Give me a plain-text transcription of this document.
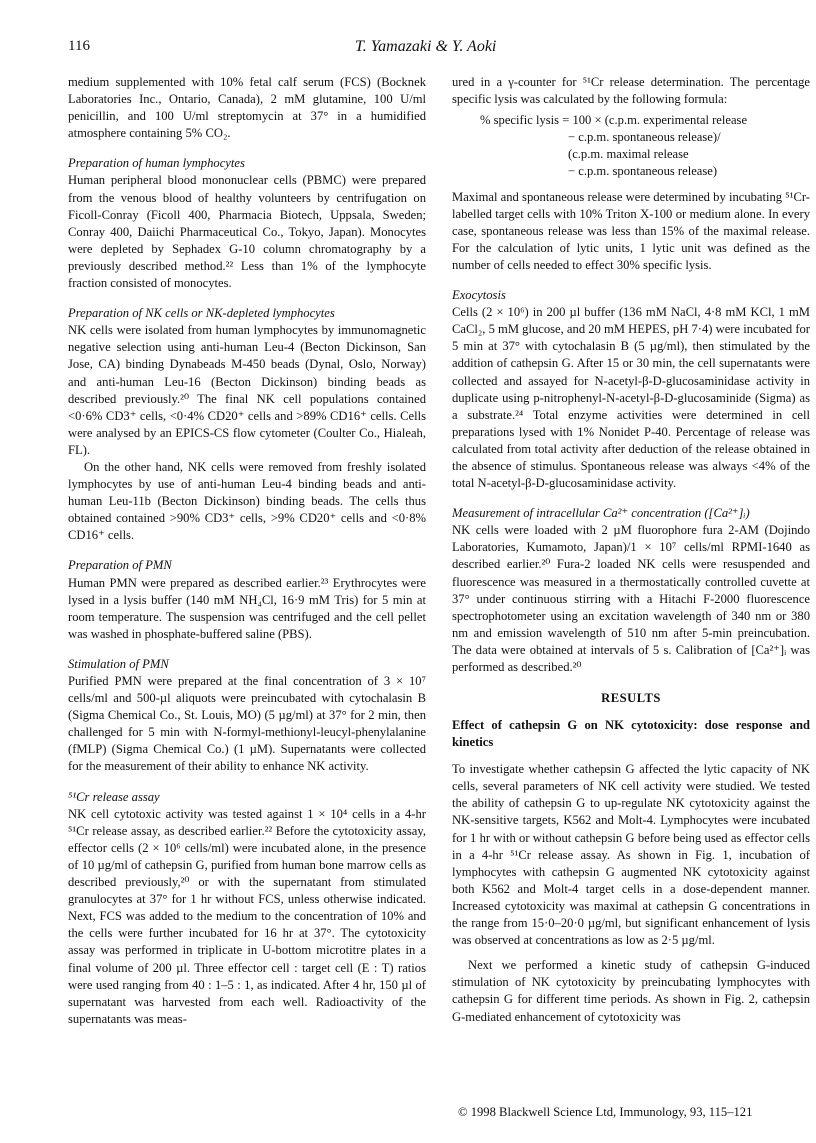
116	T. Yamazaki & Y. Aoki

medium supplemented with 10% fetal calf serum (FCS) (Bocknek Laboratories Inc., Ontario, Canada), 2 mM glutamine, 100 U/ml penicillin, and 100 U/ml streptomycin at 37° in a humidified atmosphere containing 5% CO₂.

Preparation of human lymphocytes

Human peripheral blood mononuclear cells (PBMC) were prepared from the venous blood of healthy volunteers by centrifugation on Ficoll-Conray (Ficoll 400, Pharmacia Biotech, Uppsala, Sweden; Conray 400, Daiichi Pharmaceutical Co., Tokyo, Japan). Monocytes were depleted by Sephadex G-10 column chromatography by a previously described method.²² Less than 1% of the lymphocyte fraction consisted of monocytes.

Preparation of NK cells or NK-depleted lymphocytes

NK cells were isolated from human lymphocytes by immunomagnetic negative selection using anti-human Leu-4 (Becton Dickinson, San Jose, CA) binding Dynabeads M-450 beads (Dynal, Oslo, Norway) and anti-human Leu-16 (Becton Dickinson) binding beads as described previously.²⁰ The final NK cell populations contained <0·6% CD3⁺ cells, <0·4% CD20⁺ cells and >89% CD16⁺ cells. Cells were analysed by an EPICS-CS flow cytometer (Coulter Co., Hialeah, FL).

On the other hand, NK cells were removed from freshly isolated lymphocytes by use of anti-human Leu-4 binding beads and anti-human Leu-11b (Becton Dickinson) binding beads. The cells thus obtained contained >90% CD3⁺ cells, >9% CD20⁺ cells and <0·8% CD16⁺ cells.

Preparation of PMN

Human PMN were prepared as described earlier.²³ Erythrocytes were lysed in a lysis buffer (140 mM NH₄Cl, 16·9 mM Tris) for 5 min at room temperature. The suspension was centrifuged and the cell pellet was washed in phosphate-buffered saline (PBS).

Stimulation of PMN

Purified PMN were prepared at the final concentration of 3 × 10⁷ cells/ml and 500-µl aliquots were preincubated with cytochalasin B (Sigma Chemical Co., St. Louis, MO) (5 µg/ml) at 37° for 2 min, then challenged for 5 min with N-formyl-methionyl-leucyl-phenylalanine (fMLP) (Sigma Chemical Co.) (1 µM). Supernatants were collected for the measurement of their ability to enhance NK activity.

⁵¹Cr release assay

NK cell cytotoxic activity was tested against 1 × 10⁴ cells in a 4-hr ⁵¹Cr release assay, as described earlier.²² Before the cytotoxicity assay, effector cells (2 × 10⁶ cells/ml) were incubated alone, in the presence of 10 µg/ml of cathepsin G, purified from human bone marrow cells as described previously,²⁰ or with the supernatant from stimulated granulocytes at 37° for 1 hr without FCS, unless otherwise indicated. Next, FCS was added to the medium to the concentration of 10% and the cells were further incubated for 16 hr at 37°. The cytotoxicity assay was performed in triplicate in U-bottom microtitre plates in a final volume of 200 µl. Three effector cell : target cell (E : T) ratios were used ranging from 40 : 1–5 : 1, as indicated. After 4 hr, 150 µl of supernatant was harvested from each well. Radioactivity of the supernatants was meas-

ured in a γ-counter for ⁵¹Cr release determination. The percentage specific lysis was calculated by the following formula:

% specific lysis = 100 × (c.p.m. experimental release
− c.p.m. spontaneous release)/
(c.p.m. maximal release
− c.p.m. spontaneous release)

Maximal and spontaneous release were determined by incubating ⁵¹Cr-labelled target cells with 10% Triton X-100 or medium alone. In every case, spontaneous release was less than 15% of the maximal release. For the calculation of lytic units, 1 lytic unit was defined as the number of cells needed to effect 30% specific lysis.

Exocytosis

Cells (2 × 10⁶) in 200 µl buffer (136 mM NaCl, 4·8 mM KCl, 1 mM CaCl₂, 5 mM glucose, and 20 mM HEPES, pH 7·4) were incubated for 5 min at 37° with cytochalasin B (5 µg/ml), then stimulated by the addition of cathepsin G. After 15 or 30 min, the cell supernatants were collected and assayed for N-acetyl-β-D-glucosaminidase activity in duplicate using p-nitrophenyl-N-acetyl-β-D-glucosaminide (Sigma) as a substrate.²⁴ Total enzyme activities were determined in cell preparations lysed with 1% Nonidet P-40. Percentage of release was calculated from total activity after deduction of the release obtained in the absence of stimulus. Spontaneous release was always <4% of the total N-acetyl-β-D-glucosaminidase activity.

Measurement of intracellular Ca²⁺ concentration ([Ca²⁺]ᵢ)

NK cells were loaded with 2 µM fluorophore fura 2-AM (Dojindo Laboratories, Kumamoto, Japan)/1 × 10⁷ cells/ml RPMI-1640 as described earlier.²⁰ Fura-2 loaded NK cells were resuspended and fluorescence was measured in a thermostatically controlled cuvette at 37° under continuous stirring with a Hitachi F-2000 fluorescence spectrophotometer using an excitation wavelength of 340 nm or 380 nm and emission wavelength of 510 nm after 5-min preincubation. The data were obtained at intervals of 5 s. Calibration of [Ca²⁺]ᵢ was performed as described.²⁰

RESULTS

Effect of cathepsin G on NK cytotoxicity: dose response and kinetics

To investigate whether cathepsin G affected the lytic capacity of NK cells, several parameters of NK cell activity were studied. We tested the ability of cathepsin G to up-regulate NK cytotoxicity against the NK-sensitive targets, K562 and Molt-4. Lymphocytes were incubated for 1 hr with or without cathepsin G before being used as effector cells in a 4-hr ⁵¹Cr release assay. As shown in Fig. 1, incubation of lymphocytes with cathepsin G augmented NK cytotoxicity against both K562 and Molt-4 target cells in a dose-dependent manner. Increased cytotoxicity was maximal at cathepsin G concentrations in the range from 15·0–20·0 µg/ml, but significant enhancement of lysis was observed at concentrations as low as 2·5 µg/ml.

Next we performed a kinetic study of cathepsin G-induced stimulation of NK cytotoxicity by preincubating lymphocytes with cathepsin G for different time periods. As shown in Fig. 2, cathepsin G-mediated enhancement of cytotoxicity was

© 1998 Blackwell Science Ltd, Immunology, 93, 115–121
